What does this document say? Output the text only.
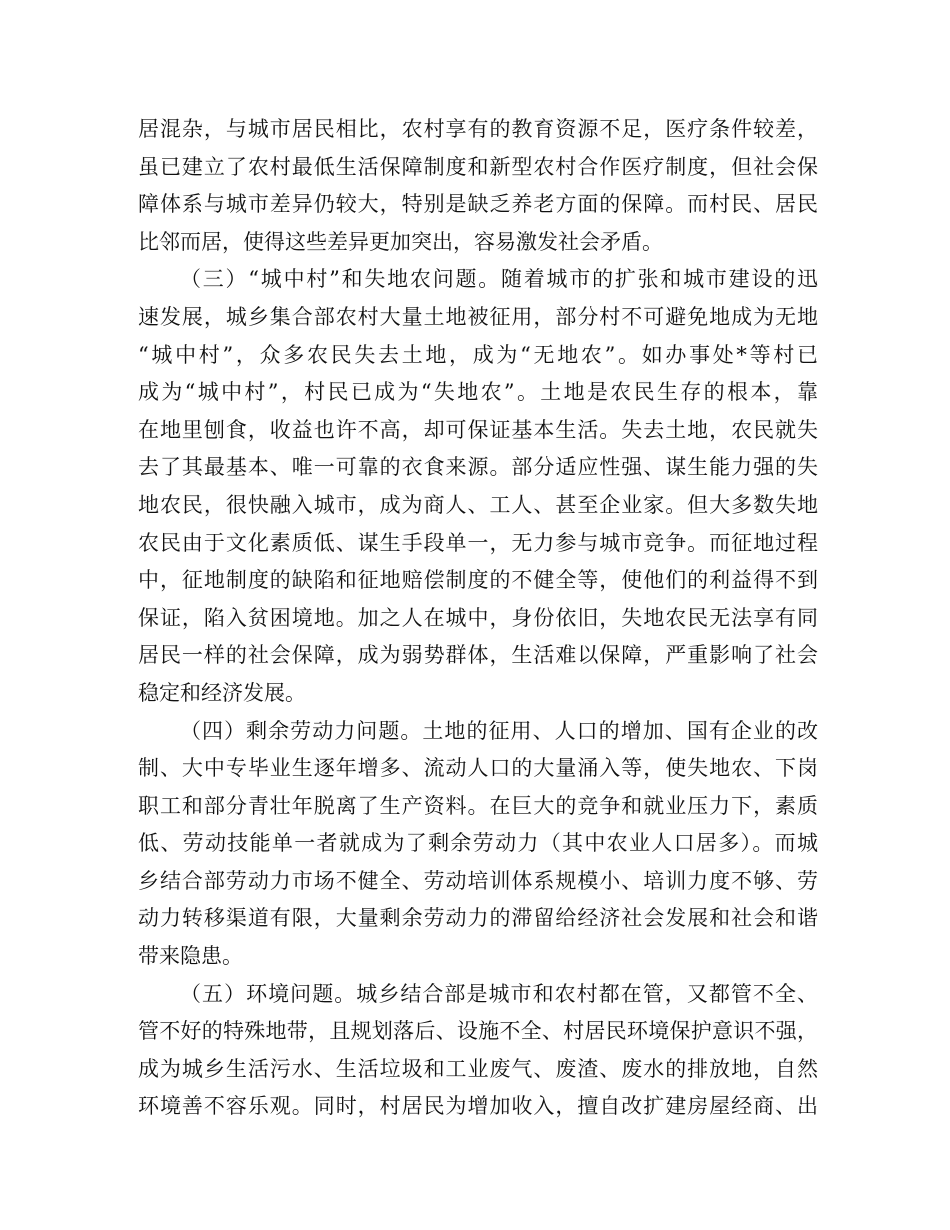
居混杂，与城市居民相比，农村享有的教育资源不足，医疗条件较差，
虽已建立了农村最低生活保障制度和新型农村合作医疗制度，但社会保
障体系与城市差异仍较大，特别是缺乏养老方面的保障。而村民、居民
比邻而居，使得这些差异更加突出，容易激发社会矛盾。
（三）“城中村”和失地农问题。随着城市的扩张和城市建设的迅
速发展，城乡集合部农村大量土地被征用，部分村不可避免地成为无地
“城中村”，众多农民失去土地，成为“无地农”。如办事处*等村已
成为“城中村”，村民已成为“失地农”。土地是农民生存的根本，靠
在地里刨食，收益也许不高，却可保证基本生活。失去土地，农民就失
去了其最基本、唯一可靠的衣食来源。部分适应性强、谋生能力强的失
地农民，很快融入城市，成为商人、工人、甚至企业家。但大多数失地
农民由于文化素质低、谋生手段单一，无力参与城市竞争。而征地过程
中，征地制度的缺陷和征地赔偿制度的不健全等，使他们的利益得不到
保证，陷入贫困境地。加之人在城中，身份依旧，失地农民无法享有同
居民一样的社会保障，成为弱势群体，生活难以保障，严重影响了社会
稳定和经济发展。
（四）剩余劳动力问题。土地的征用、人口的增加、国有企业的改
制、大中专毕业生逐年增多、流动人口的大量涌入等，使失地农、下岗
职工和部分青壮年脱离了生产资料。在巨大的竞争和就业压力下，素质
低、劳动技能单一者就成为了剩余劳动力（其中农业人口居多）。而城
乡结合部劳动力市场不健全、劳动培训体系规模小、培训力度不够、劳
动力转移渠道有限，大量剩余劳动力的滞留给经济社会发展和社会和谐
带来隐患。
（五）环境问题。城乡结合部是城市和农村都在管，又都管不全、
管不好的特殊地带，且规划落后、设施不全、村居民环境保护意识不强，
成为城乡生活污水、生活垃圾和工业废气、废渣、废水的排放地，自然
环境善不容乐观。同时，村居民为增加收入，擅自改扩建房屋经商、出
